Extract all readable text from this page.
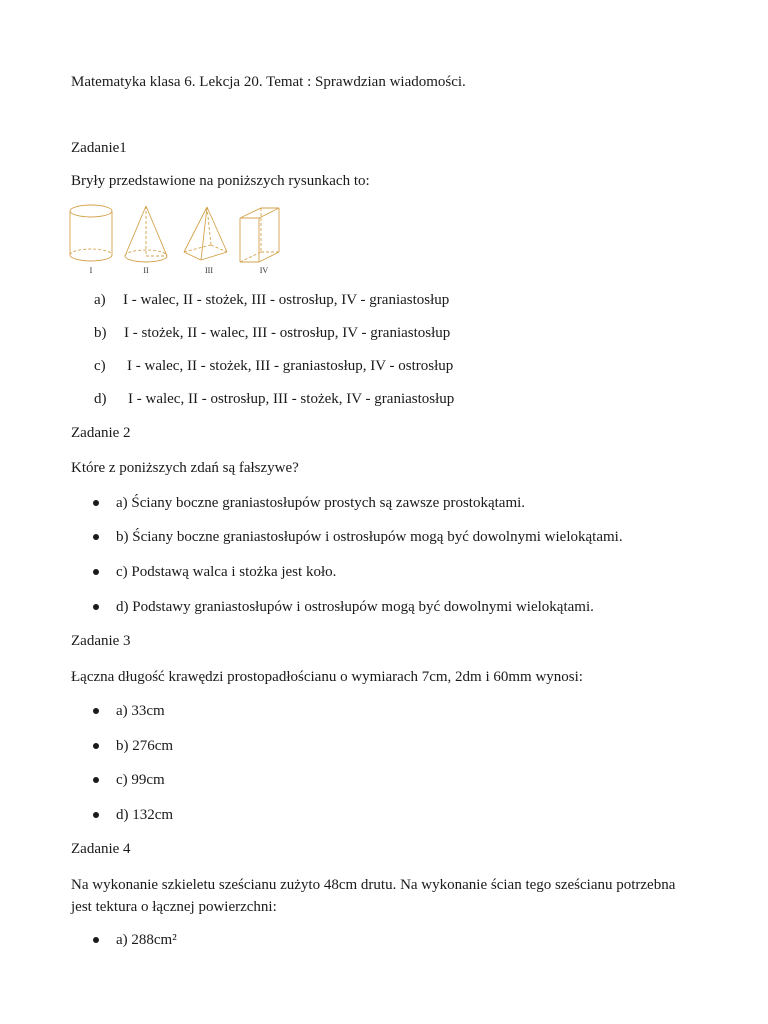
Matematyka klasa 6. Lekcja 20. Temat : Sprawdzian wiadomości.
Zadanie1
Bryły przedstawione na poniższych rysunkach to:
I	II	III	IV
a) I - walec, II - stożek, III - ostrosłup, IV - graniastosłup
b) I - stożek, II - walec, III - ostrosłup, IV - graniastosłup
c) I - walec, II - stożek, III - graniastosłup, IV - ostrosłup
d) I - walec, II - ostrosłup, III - stożek, IV - graniastosłup
Zadanie 2
Które z poniższych zdań są fałszywe?
a) Ściany boczne graniastosłupów prostych są zawsze prostokątami.
b) Ściany boczne graniastosłupów i ostrosłupów mogą być dowolnymi wielokątami.
c) Podstawą walca i stożka jest koło.
d) Podstawy graniastosłupów i ostrosłupów mogą być dowolnymi wielokątami.
Zadanie 3
Łączna długość krawędzi prostopadłościanu o wymiarach 7cm, 2dm i 60mm wynosi:
a) 33cm
b) 276cm
c) 99cm
d) 132cm
Zadanie 4
Na wykonanie szkieletu sześcianu zużyto 48cm drutu. Na wykonanie ścian tego sześcianu potrzebna jest tektura o łącznej powierzchni:
a) 288cm²
